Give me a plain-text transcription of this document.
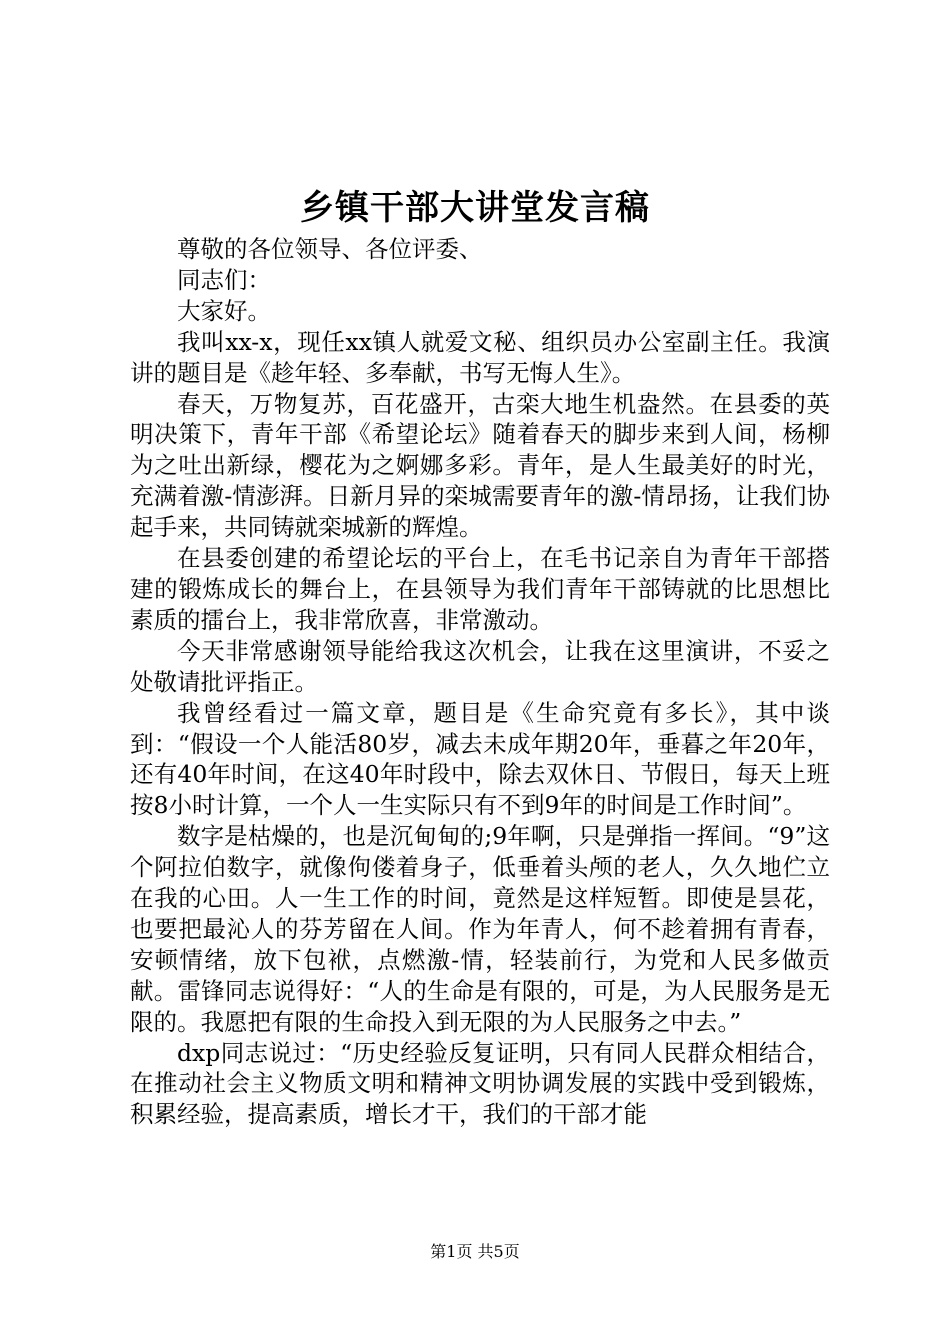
乡镇干部大讲堂发言稿

尊敬的各位领导、各位评委、

同志们：

大家好。

我叫xx-x，现任xx镇人就爱文秘、组织员办公室副主任。我演讲的题目是《趁年轻、多奉献，书写无悔人生》。

春天，万物复苏，百花盛开，古栾大地生机盎然。在县委的英明决策下，青年干部《希望论坛》随着春天的脚步来到人间，杨柳为之吐出新绿，樱花为之婀娜多彩。青年，是人生最美好的时光，充满着激-情澎湃。日新月异的栾城需要青年的激-情昂扬，让我们协起手来，共同铸就栾城新的辉煌。

在县委创建的希望论坛的平台上，在毛书记亲自为青年干部搭建的锻炼成长的舞台上，在县领导为我们青年干部铸就的比思想比素质的擂台上，我非常欣喜，非常激动。

今天非常感谢领导能给我这次机会，让我在这里演讲，不妥之处敬请批评指正。

我曾经看过一篇文章，题目是《生命究竟有多长》，其中谈到：“假设一个人能活80岁，减去未成年期20年，垂暮之年20年，还有40年时间，在这40年时段中，除去双休日、节假日，每天上班按8小时计算，一个人一生实际只有不到9年的时间是工作时间”。

数字是枯燥的，也是沉甸甸的;9年啊，只是弹指一挥间。“9”这个阿拉伯数字，就像佝偻着身子，低垂着头颅的老人，久久地伫立在我的心田。人一生工作的时间，竟然是这样短暂。即使是昙花，也要把最沁人的芬芳留在人间。作为年青人，何不趁着拥有青春，安顿情绪，放下包袱，点燃激-情，轻装前行，为党和人民多做贡献。雷锋同志说得好：“人的生命是有限的，可是，为人民服务是无限的。我愿把有限的生命投入到无限的为人民服务之中去。”

dxp同志说过：“历史经验反复证明，只有同人民群众相结合，在推动社会主义物质文明和精神文明协调发展的实践中受到锻炼，积累经验，提高素质，增长才干，我们的干部才能

第1页 共5页
